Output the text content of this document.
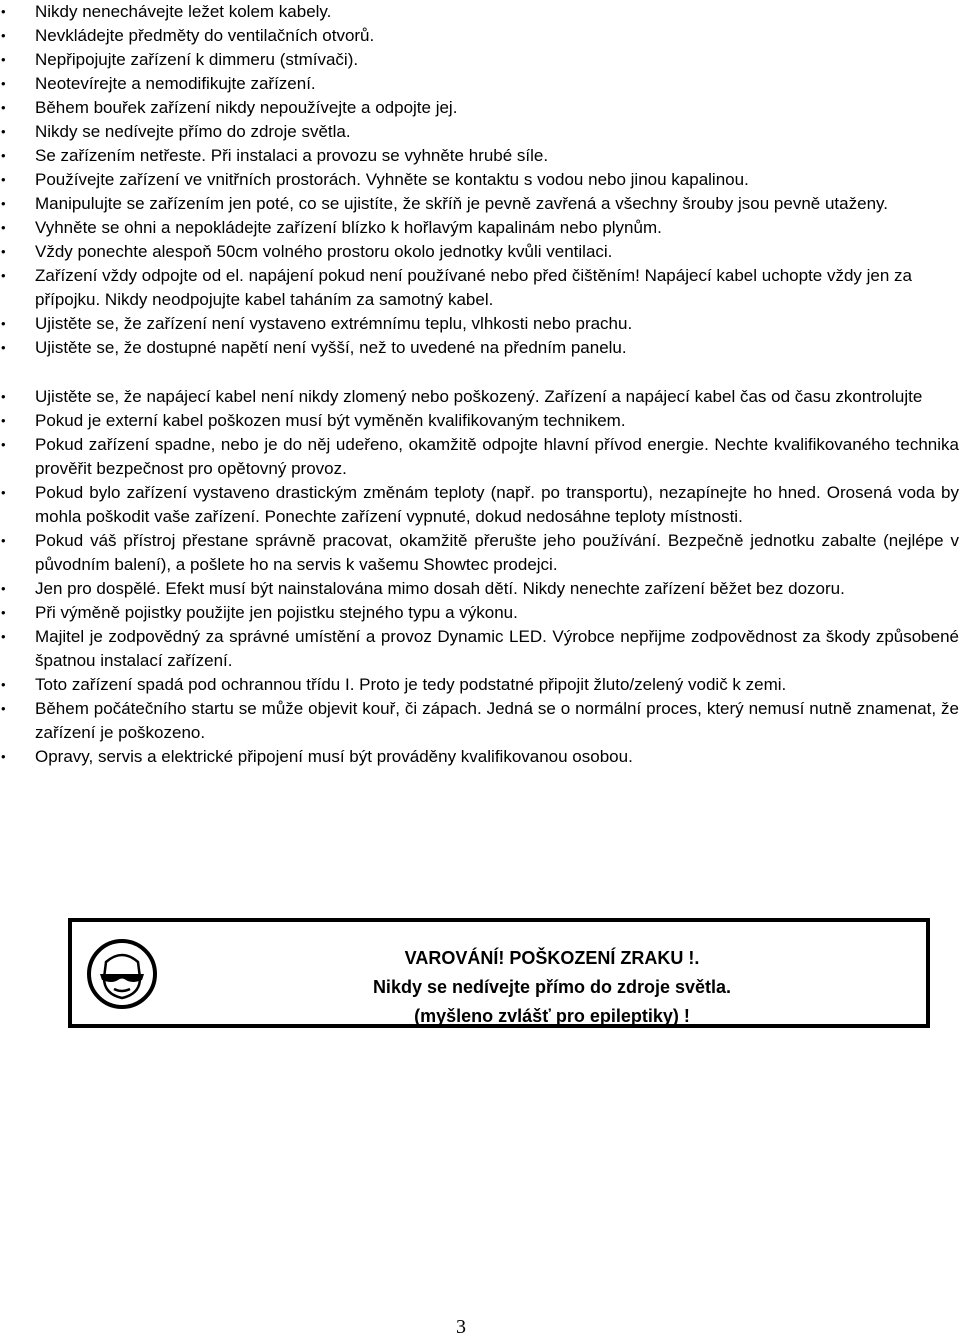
• Nikdy nenechávejte ležet kolem kabely.
• Nevkládejte předměty do ventilačních otvorů.
• Nepřipojujte zařízení k dimmeru (stmívači).
• Neotevírejte a nemodifikujte zařízení.
• Během bouřek zařízení nikdy nepoužívejte a odpojte jej.
• Nikdy se nedívejte přímo do zdroje světla.
• Se zařízením netřeste. Při instalaci a provozu se vyhněte hrubé síle.
• Používejte zařízení ve vnitřních prostorách. Vyhněte se kontaktu s vodou nebo jinou kapalinou.
• Manipulujte se zařízením jen poté, co se ujistíte, že skříň je pevně zavřená a všechny šrouby jsou pevně utaženy.
• Vyhněte se ohni a nepokládejte zařízení blízko k hořlavým kapalinám nebo plynům.
• Vždy ponechte alespoň 50cm volného prostoru okolo jednotky kvůli ventilaci.
• Zařízení vždy odpojte od el. napájení pokud není používané nebo před čištěním! Napájecí kabel uchopte vždy jen za přípojku. Nikdy neodpojujte kabel taháním za samotný kabel.
• Ujistěte se, že zařízení není vystaveno extrémnímu teplu, vlhkosti nebo prachu.
• Ujistěte se, že dostupné napětí není vyšší, než to uvedené na předním panelu.
• Ujistěte se, že napájecí kabel není nikdy zlomený nebo poškozený. Zařízení a napájecí kabel čas od času zkontrolujte
• Pokud je externí kabel poškozen musí být vyměněn kvalifikovaným technikem.
• Pokud zařízení spadne, nebo je do něj udeřeno, okamžitě odpojte hlavní přívod energie. Nechte kvalifikovaného technika prověřit bezpečnost pro opětovný provoz.
• Pokud bylo zařízení vystaveno drastickým změnám teploty (např. po transportu), nezapínejte ho hned. Orosená voda by mohla poškodit vaše zařízení. Ponechte zařízení vypnuté, dokud nedosáhne teploty místnosti.
• Pokud váš přístroj přestane správně pracovat, okamžitě přerušte jeho používání. Bezpečně jednotku zabalte (nejlépe v původním balení), a pošlete ho na servis k vašemu Showtec prodejci.
• Jen pro dospělé. Efekt musí být nainstalována mimo dosah dětí. Nikdy nenechte zařízení běžet bez dozoru.
• Při výměně pojistky použijte jen pojistku stejného typu a výkonu.
• Majitel je zodpovědný za správné umístění a provoz Dynamic LED. Výrobce nepřijme zodpovědnost za škody způsobené špatnou instalací zařízení.
• Toto zařízení spadá pod ochrannou třídu I. Proto je tedy podstatné připojit žluto/zelený vodič k zemi.
• Během počátečního startu se může objevit kouř, či zápach. Jedná se o normální proces, který nemusí nutně znamenat, že zařízení je poškozeno.
• Opravy, servis a elektrické připojení musí být prováděny kvalifikovanou osobou.
VAROVÁNÍ! POŠKOZENÍ ZRAKU !.
Nikdy se nedívejte přímo do zdroje světla.
(myšleno zvlášť pro epileptiky) !
3
